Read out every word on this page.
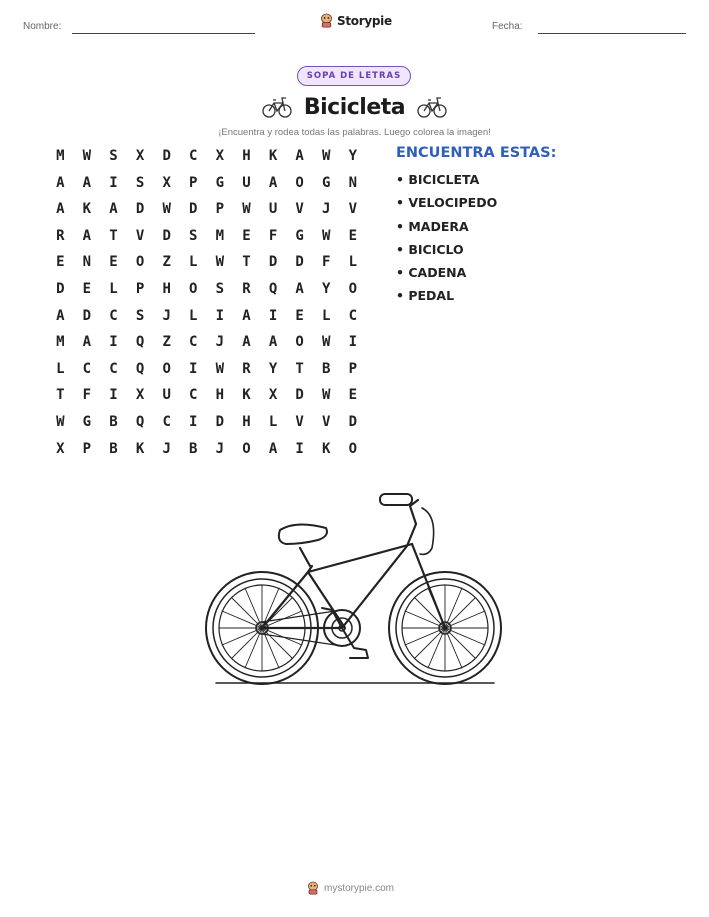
Nombre:	Storypie	Fecha:
SOPA DE LETRAS
Bicicleta
¡Encuentra y rodea todas las palabras. Luego colorea la imagen!
M	W	S	X	D	C	X	H	K	A	W	Y
A	A	I	S	X	P	G	U	A	O	G	N
A	K	A	D	W	D	P	W	U	V	J	V
R	A	T	V	D	S	M	E	F	G	W	E
E	N	E	O	Z	L	W	T	D	D	F	L
D	E	L	P	H	O	S	R	Q	A	Y	O
A	D	C	S	J	L	I	A	I	E	L	C
M	A	I	Q	Z	C	J	A	A	O	W	I
L	C	C	Q	O	I	W	R	Y	T	B	P
T	F	I	X	U	C	H	K	X	D	W	E
W	G	B	Q	C	I	D	H	L	V	V	D
X	P	B	K	J	B	J	O	A	I	K	O
ENCUENTRA ESTAS:
• BICICLETA
• VELOCIPEDO
• MADERA
• BICICLO
• CADENA
• PEDAL
mystorypie.com
